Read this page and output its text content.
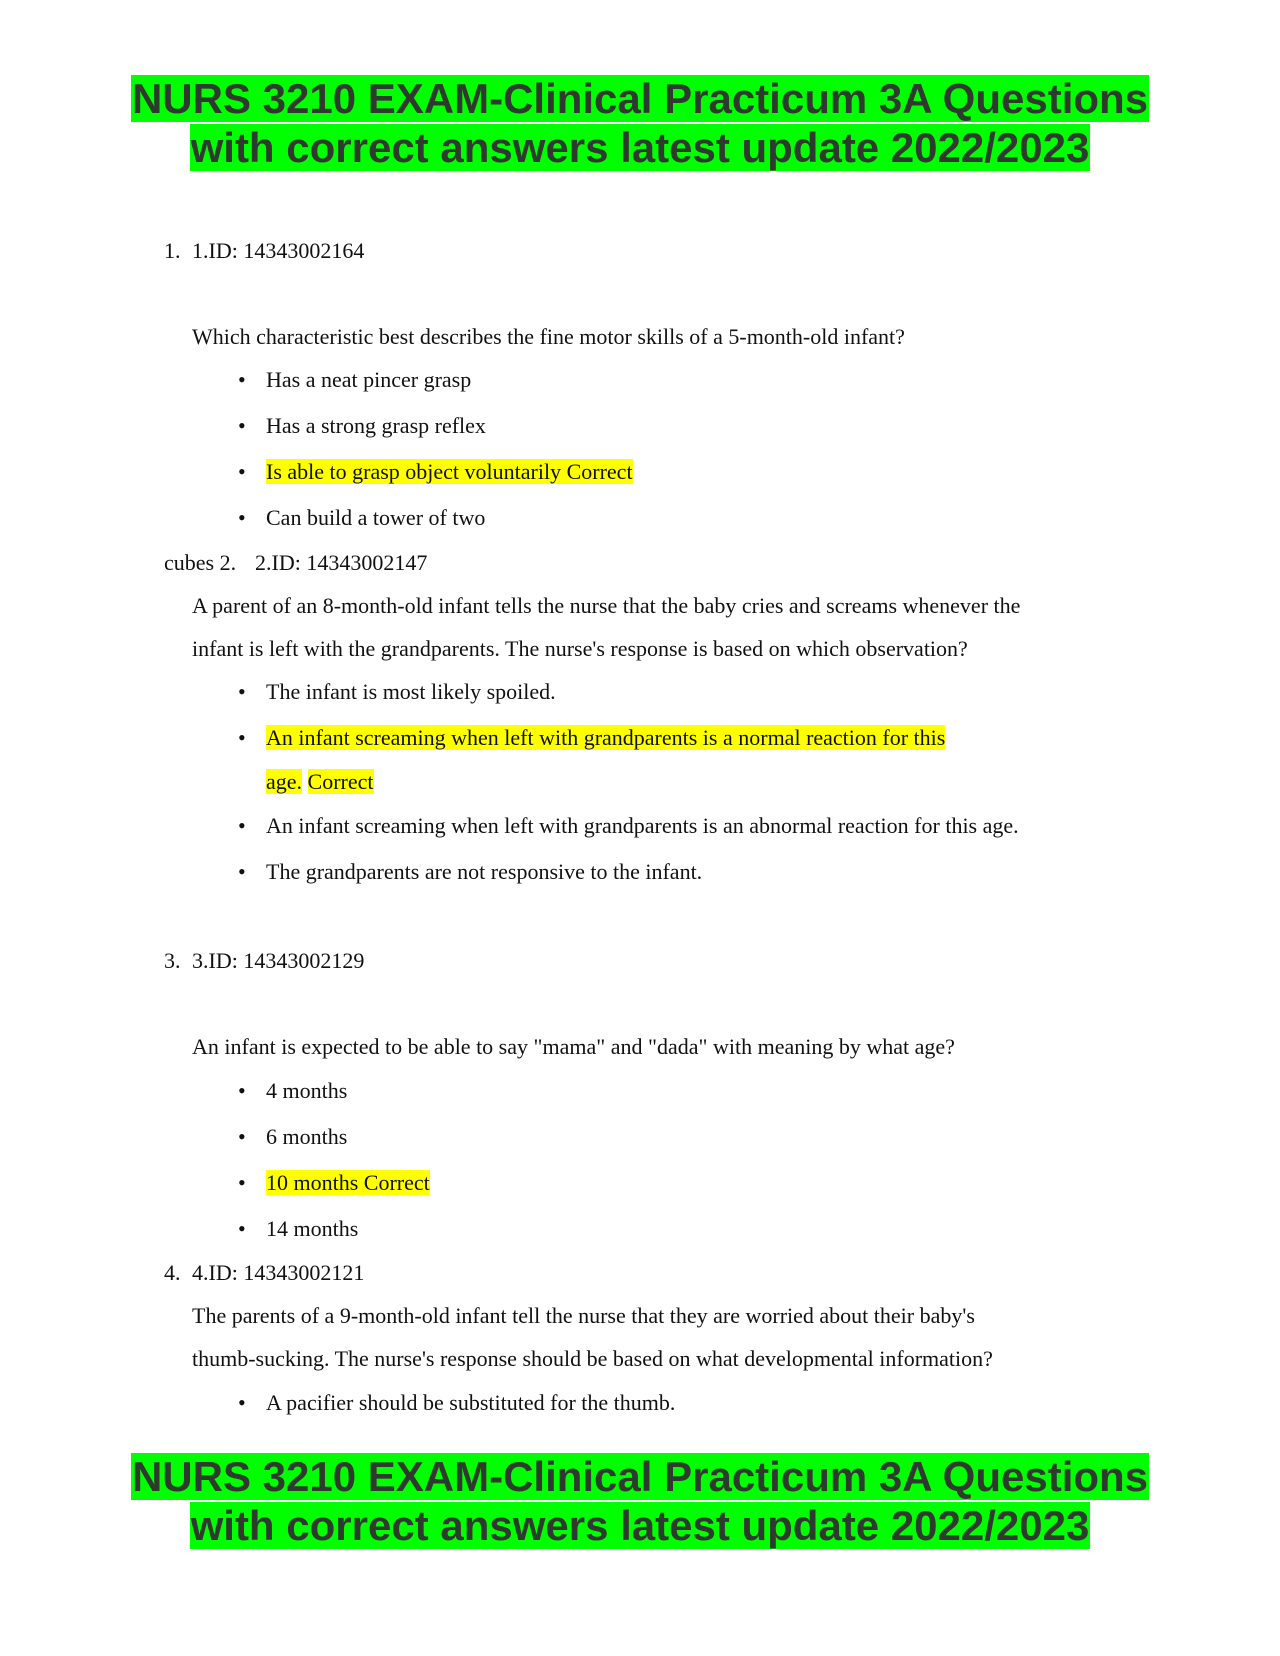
NURS 3210 EXAM-Clinical Practicum 3A Questions
with correct answers latest update 2022/2023
1. 1.ID: 14343002164
Which characteristic best describes the fine motor skills of a 5-month-old infant?
• Has a neat pincer grasp
• Has a strong grasp reflex
• Is able to grasp object voluntarily Correct
• Can build a tower of two
cubes 2. 2.ID: 14343002147
A parent of an 8-month-old infant tells the nurse that the baby cries and screams whenever the
infant is left with the grandparents. The nurse's response is based on which observation?
• The infant is most likely spoiled.
• An infant screaming when left with grandparents is a normal reaction for this
age. Correct
• An infant screaming when left with grandparents is an abnormal reaction for this age.
• The grandparents are not responsive to the infant.
3. 3.ID: 14343002129
An infant is expected to be able to say "mama" and "dada" with meaning by what age?
• 4 months
• 6 months
• 10 months Correct
• 14 months
4. 4.ID: 14343002121
The parents of a 9-month-old infant tell the nurse that they are worried about their baby's
thumb-sucking. The nurse's response should be based on what developmental information?
• A pacifier should be substituted for the thumb.
NURS 3210 EXAM-Clinical Practicum 3A Questions
with correct answers latest update 2022/2023
